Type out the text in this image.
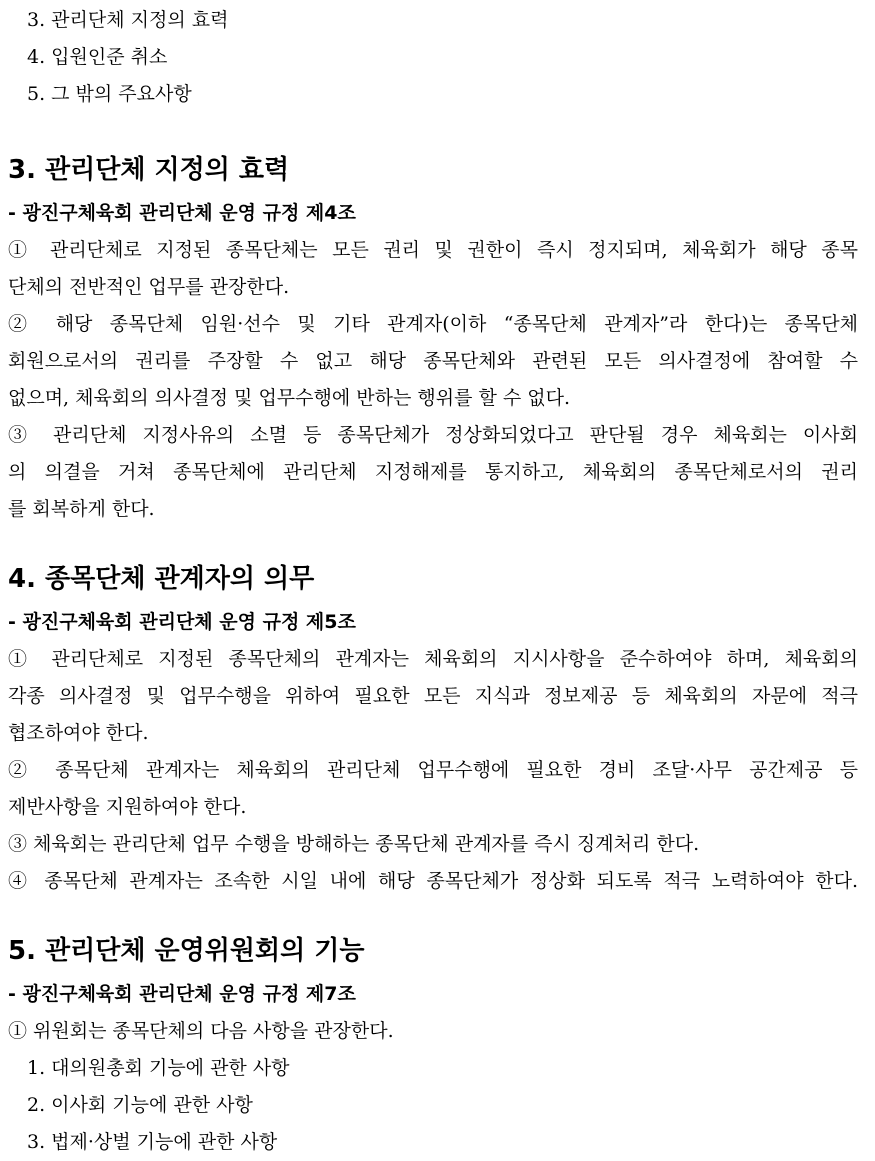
3. 관리단체 지정의 효력
4. 입원인준 취소
5. 그 밖의 주요사항
3. 관리단체 지정의 효력
- 광진구체육회 관리단체 운영 규정 제4조
① 관리단체로 지정된 종목단체는 모든 권리 및 권한이 즉시 정지되며, 체육회가 해당 종목
단체의 전반적인 업무를 관장한다.
② 해당 종목단체 임원·선수 및 기타 관계자(이하 “종목단체 관계자”라 한다)는 종목단체
회원으로서의 권리를 주장할 수 없고 해당 종목단체와 관련된 모든 의사결정에 참여할 수
없으며, 체육회의 의사결정 및 업무수행에 반하는 행위를 할 수 없다.
③ 관리단체 지정사유의 소멸 등 종목단체가 정상화되었다고 판단될 경우 체육회는 이사회
의 의결을 거쳐 종목단체에 관리단체 지정해제를 통지하고, 체육회의 종목단체로서의 권리
를 회복하게 한다.
4. 종목단체 관계자의 의무
- 광진구체육회 관리단체 운영 규정 제5조
① 관리단체로 지정된 종목단체의 관계자는 체육회의 지시사항을 준수하여야 하며, 체육회의
각종 의사결정 및 업무수행을 위하여 필요한 모든 지식과 정보제공 등 체육회의 자문에 적극
협조하여야 한다.
② 종목단체 관계자는 체육회의 관리단체 업무수행에 필요한 경비 조달·사무 공간제공 등
제반사항을 지원하여야 한다.
③ 체육회는 관리단체 업무 수행을 방해하는 종목단체 관계자를 즉시 징계처리 한다.
④ 종목단체 관계자는 조속한 시일 내에 해당 종목단체가 정상화 되도록 적극 노력하여야 한다.
5. 관리단체 운영위원회의 기능
- 광진구체육회 관리단체 운영 규정 제7조
① 위원회는 종목단체의 다음 사항을 관장한다.
1. 대의원총회 기능에 관한 사항
2. 이사회 기능에 관한 사항
3. 법제·상벌 기능에 관한 사항
